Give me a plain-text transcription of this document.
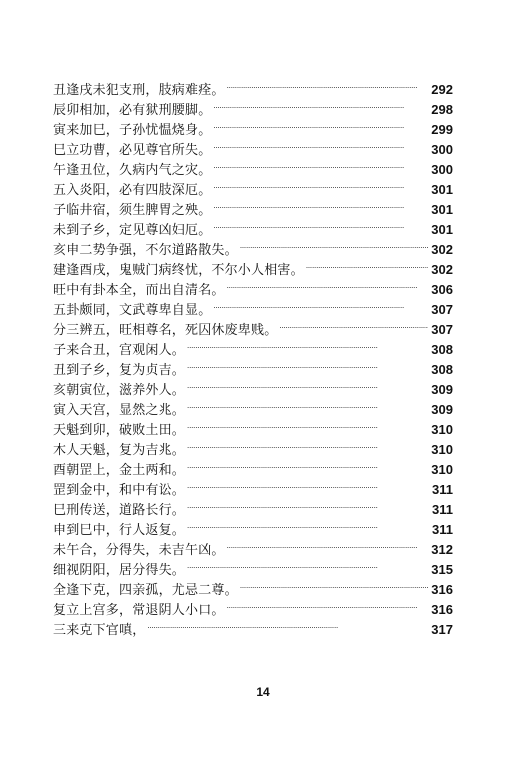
丑逢戌未犯支刑，肢病难痊。 . . .	292
辰卯相加，必有狱刑腰脚。 . . .	298
寅来加巳，子孙忧愠烧身。 . . .	299
巳立功曹，必见尊官所失。 . . .	300
午逢丑位，久病内气之灾。 . . .	300
五入炎阳，必有四肢深厄。 . . .	301
子临井宿，须生脾胃之殃。 . . .	301
未到子乡，定见尊凶妇厄。 . . .	301
亥申二势争强，不尔道路散失。 . . .	302
建逢酉戌，鬼贼门病终忧，不尔小人相害。 . . .	302
旺中有卦本全，而出自清名。 . . .	306
五卦颇同，文武尊卑自显。 . . .	307
分三辨五，旺相尊名，死囚休废卑贱。 . . .	307
子来合丑，宫观闲人。 . . .	308
丑到子乡，复为贞吉。 . . .	308
亥朝寅位，滋养外人。 . . .	309
寅入天宫，显然之兆。 . . .	309
天魁到卯，破败土田。 . . .	310
木人天魁，复为吉兆。 . . .	310
酉朝罡上，金土两和。 . . .	310
罡到金中，和中有讼。 . . .	311
巳刑传送，道路长行。 . . .	311
申到巳中，行人返复。 . . .	311
未午合，分得失，未吉午凶。 . . .	312
细视阴阳，居分得失。 . . .	315
全逢下克，四亲孤，尤忌二尊。 . . .	316
复立上宫多，常退阴人小口。 . . .	316
三来克下官嗔， . . .	317
14
